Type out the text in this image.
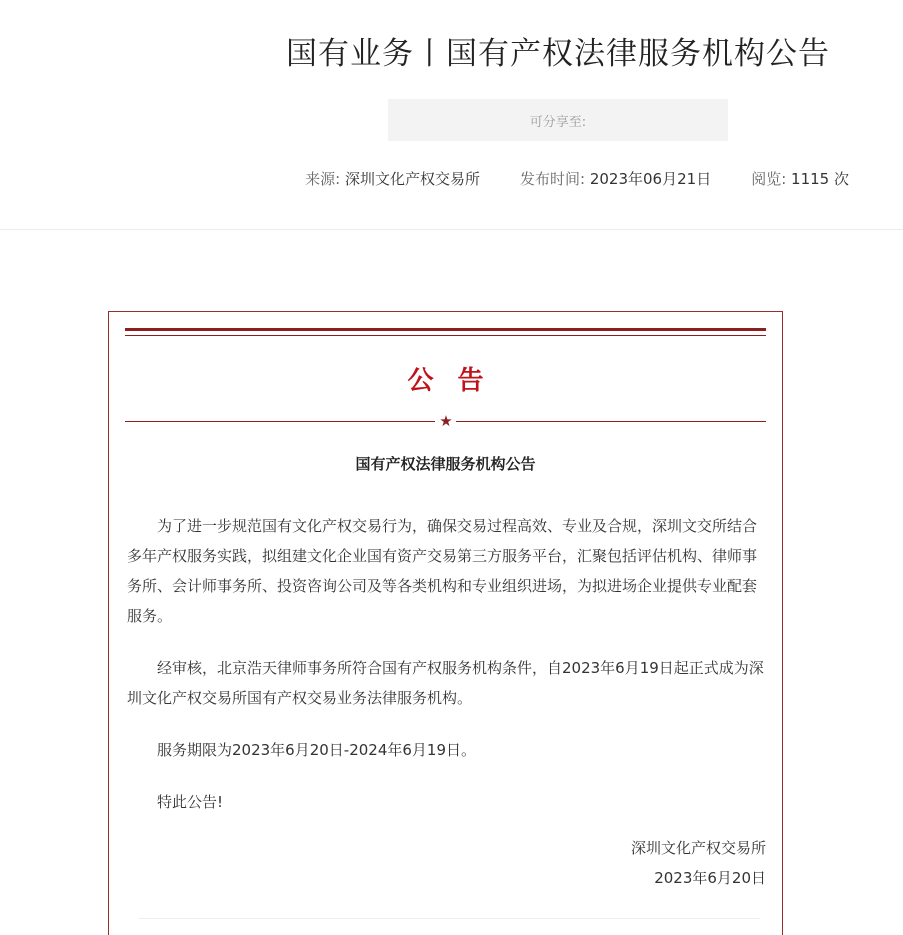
国有业务丨国有产权法律服务机构公告
可分享至:
来源: 深圳文化产权交易所	发布时间: 2023年06月21日	阅览: 1115 次
公告
★
国有产权法律服务机构公告

为了进一步规范国有文化产权交易行为，确保交易过程高效、专业及合规，深圳文交所结合多年产权服务实践，拟组建文化企业国有资产交易第三方服务平台，汇聚包括评估机构、律师事务所、会计师事务所、投资咨询公司及等各类机构和专业组织进场，为拟进场企业提供专业配套服务。

经审核，北京浩天律师事务所符合国有产权服务机构条件，自2023年6月19日起正式成为深圳文化产权交易所国有产权交易业务法律服务机构。

服务期限为2023年6月20日-2024年6月19日。

特此公告!

深圳文化产权交易所
2023年6月20日
